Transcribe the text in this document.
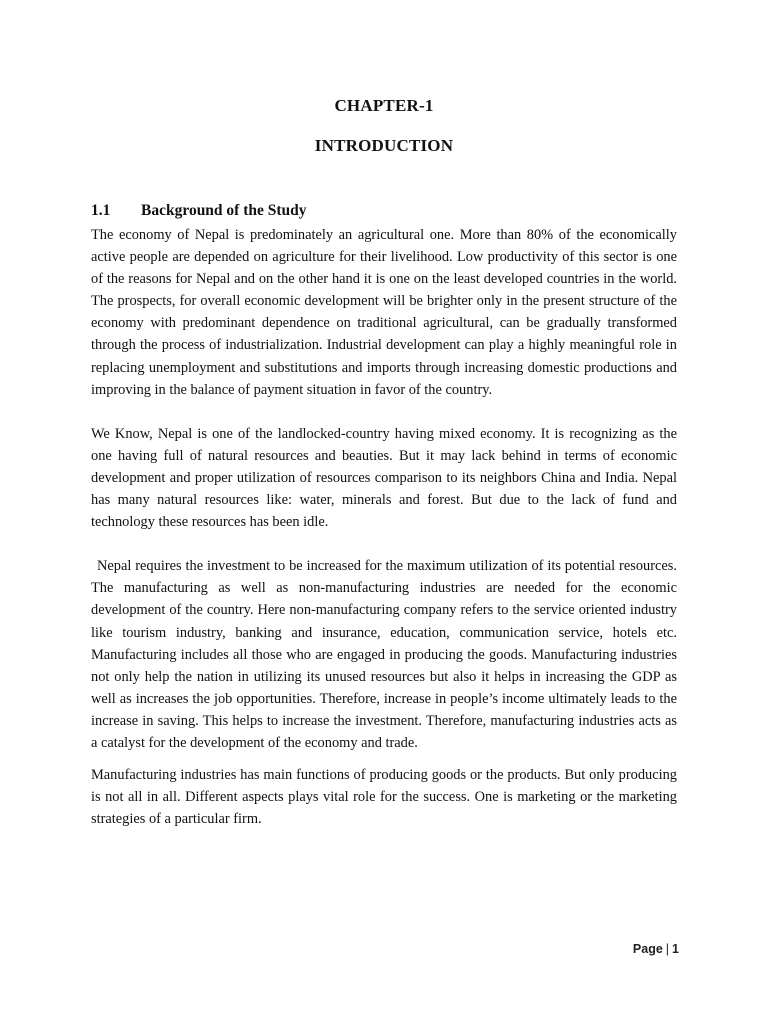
CHAPTER-1
INTRODUCTION
1.1 Background of the Study

The economy of Nepal is predominately an agricultural one. More than 80% of the economically active people are depended on agriculture for their livelihood. Low productivity of this sector is one of the reasons for Nepal and on the other hand it is one on the least developed countries in the world. The prospects, for overall economic development will be brighter only in the present structure of the economy with predominant dependence on traditional agricultural, can be gradually transformed through the process of industrialization. Industrial development can play a highly meaningful role in replacing unemployment and substitutions and imports through increasing domestic productions and improving in the balance of payment situation in favor of the country.

We Know, Nepal is one of the landlocked-country having mixed economy. It is recognizing as the one having full of natural resources and beauties. But it may lack behind in terms of economic development and proper utilization of resources comparison to its neighbors China and India. Nepal has many natural resources like: water, minerals and forest. But due to the lack of fund and technology these resources has been idle.

Nepal requires the investment to be increased for the maximum utilization of its potential resources. The manufacturing as well as non-manufacturing industries are needed for the economic development of the country. Here non-manufacturing company refers to the service oriented industry like tourism industry, banking and insurance, education, communication service, hotels etc. Manufacturing includes all those who are engaged in producing the goods. Manufacturing industries not only help the nation in utilizing its unused resources but also it helps in increasing the GDP as well as increases the job opportunities. Therefore, increase in people’s income ultimately leads to the increase in saving. This helps to increase the investment. Therefore, manufacturing industries acts as a catalyst for the development of the economy and trade.

Manufacturing industries has main functions of producing goods or the products. But only producing is not all in all. Different aspects plays vital role for the success. One is marketing or the marketing strategies of a particular firm.

Page | 1
